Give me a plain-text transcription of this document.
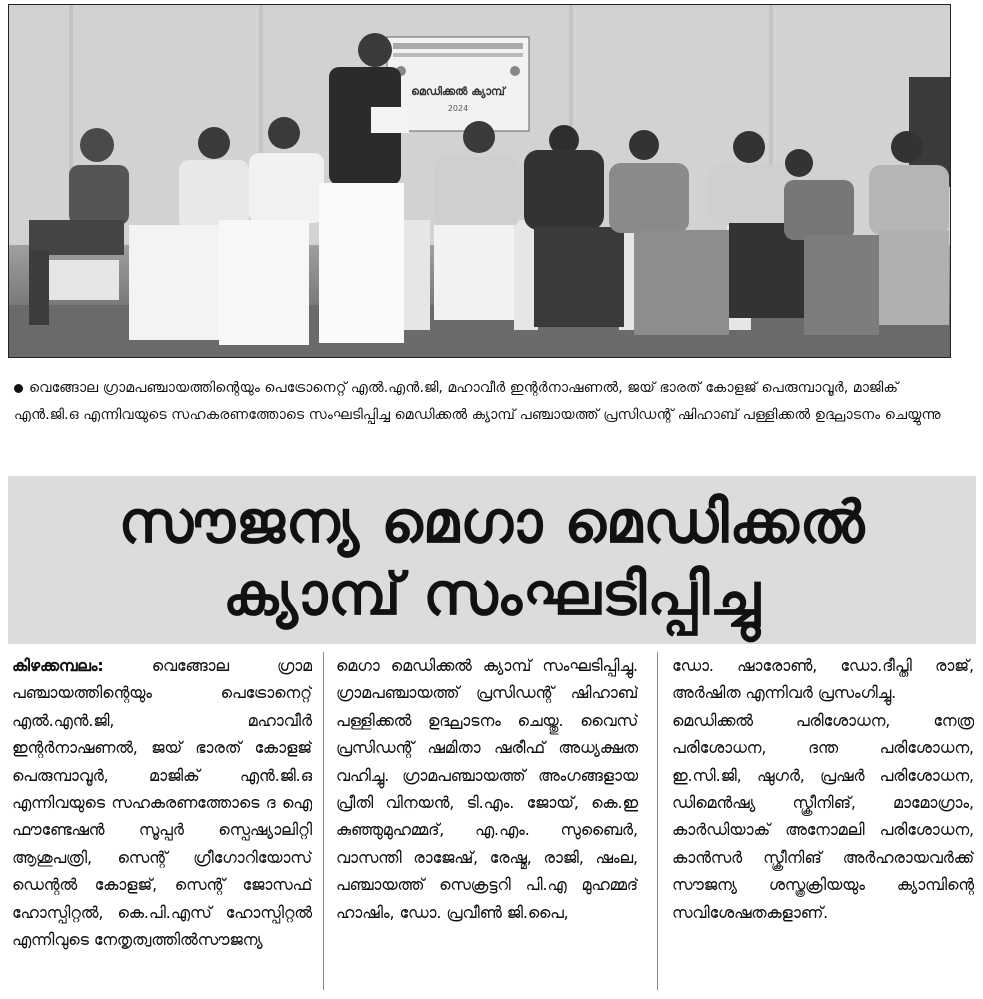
മെഡിക്കൽ ക്യാമ്പ്
2024
വെങ്ങോല ഗ്രാമപഞ്ചായത്തിന്റെയും പെട്രോനെറ്റ് എൽ.എൻ.ജി, മഹാവീർ ഇന്റർനാഷണൽ, ജയ് ഭാരത് കോളജ് പെരുമ്പാവൂർ, മാജിക് എൻ.ജി.ഒ എന്നിവയുടെ സഹകരണത്തോടെ സംഘടിപ്പിച്ച മെഡിക്കൽ ക്യാമ്പ് പഞ്ചായത്ത് പ്രസിഡന്റ് ഷിഹാബ് പള്ളിക്കൽ ഉദ്ഘാടനം ചെയ്യുന്നു
സൗജന്യ മെഗാ മെഡിക്കൽ
ക്യാമ്പ് സംഘടിപ്പിച്ചു

കിഴക്കമ്പലം: വെങ്ങോല ഗ്രാമ പഞ്ചായത്തിന്റെയും പെട്രോനെറ്റ് എൽ.എൻ.ജി, മഹാവീർ ഇന്റർനാഷണൽ, ജയ് ഭാരത് കോളജ് പെരുമ്പാവൂർ, മാജിക് എൻ.ജി.ഒ എന്നിവയുടെ സഹകരണത്തോടെ ദ ഐ ഫൗണ്ടേഷൻ സൂപ്പർ സ്പെഷ്യാലിറ്റി ആശുപത്രി, സെന്റ് ഗ്രീഗോറിയോസ് ഡെന്റൽ കോളജ്, സെന്റ് ജോസഫ് ഹോസ്പിറ്റൽ, കെ.പി.എസ് ഹോസ്പിറ്റൽ എന്നിവുടെ നേതൃത്വത്തിൽസൗജന്യ

മെഗാ മെഡിക്കൽ ക്യാമ്പ് സംഘടിപ്പിച്ചു. ഗ്രാമപഞ്ചായത്ത് പ്രസിഡന്റ് ഷിഹാബ് പള്ളിക്കൽ ഉദ്ഘാടനം ചെയ്തു. വൈസ് പ്രസിഡന്റ് ഷമിതാ ഷരീഫ് അധ്യക്ഷത വഹിച്ചു. ഗ്രാമപഞ്ചായത്ത് അംഗങ്ങളായ പ്രീതി വിനയൻ, ടി.എം. ജോയ്, കെ.ഇ കുഞ്ഞുമുഹമ്മദ്, എ.എം. സുബൈർ, വാസന്തി രാജേഷ്, രേഷ്മ, രാജി, ഷംല, പഞ്ചായത്ത് സെക്രട്ടറി പി.എ മുഹമ്മദ് ഹാഷിം, ഡോ. പ്രവീൺ ജി.പൈ,

ഡോ. ഷാരോൺ, ഡോ.ദീപ്തി രാജ്, അർഷിത എന്നിവർ പ്രസംഗിച്ചു.

മെഡിക്കൽ പരിശോധന, നേത്ര പരിശോധന, ദന്ത പരിശോധന, ഇ.സി.ജി, ഷുഗർ, പ്രഷർ പരിശോധന, ഡിമെൻഷ്യ സ്ക്രീനിങ്, മാമോഗ്രാം, കാർഡിയാക് അനോമലി പരിശോധന, കാൻസർ സ്ക്രീനിങ് അർഹരായവർക്ക് സൗജന്യ ശസ്ത്രക്രിയയും ക്യാമ്പിന്റെ സവിശേഷതകളാണ്.
